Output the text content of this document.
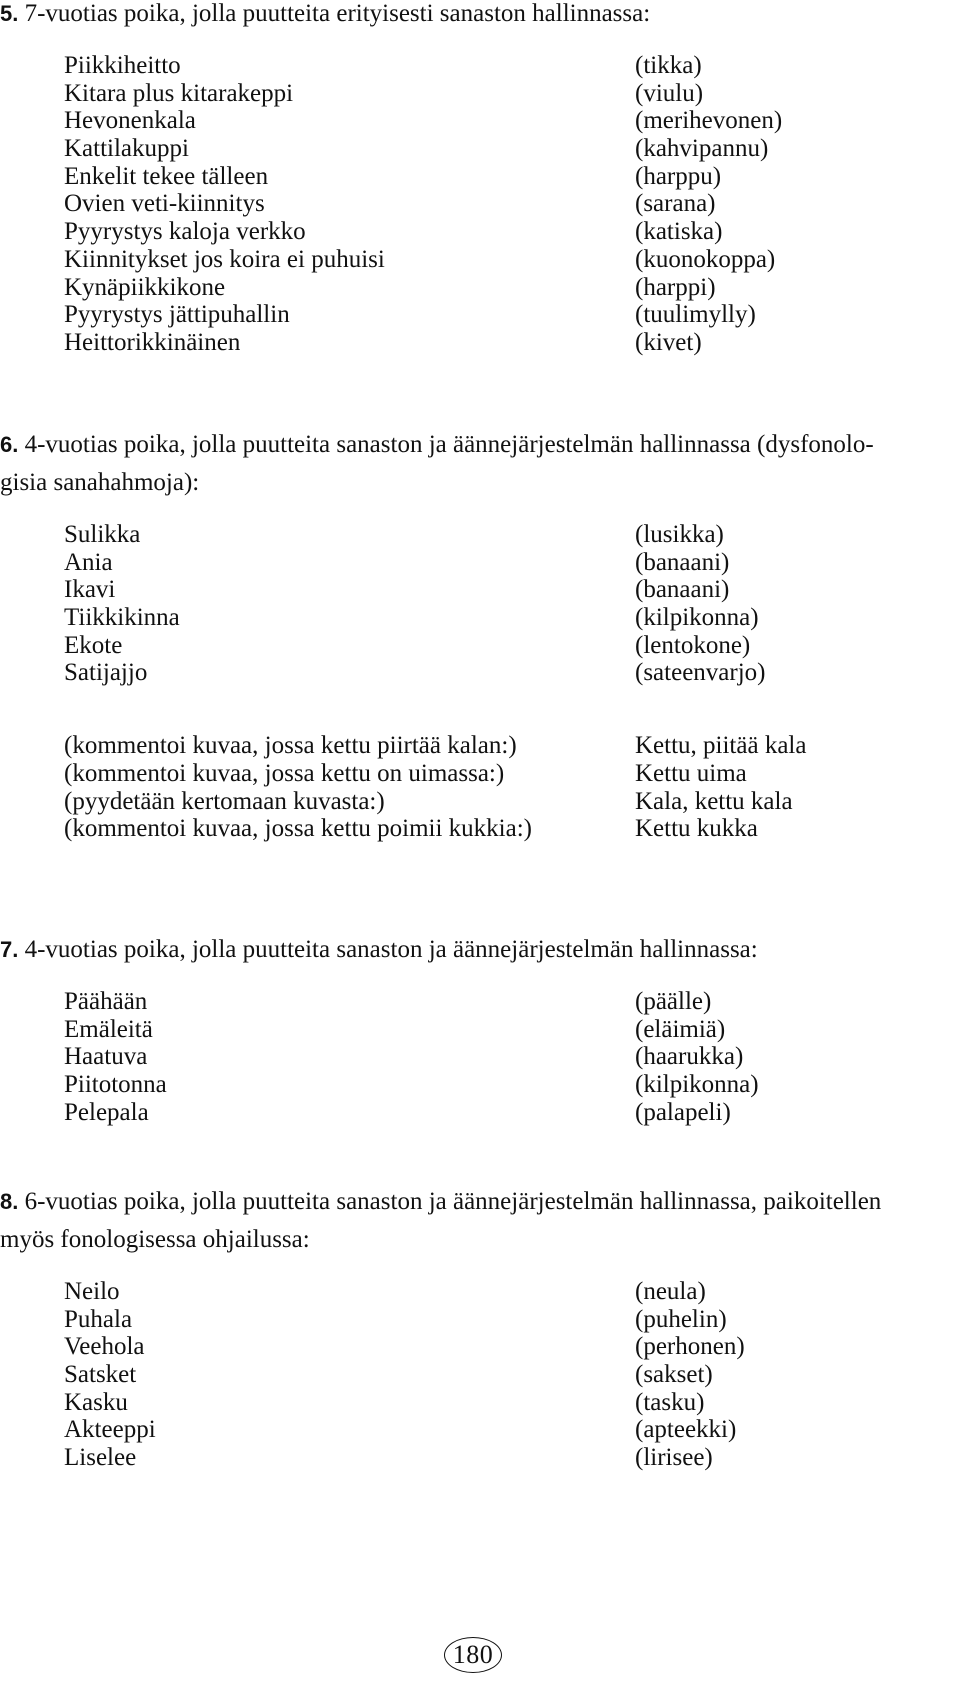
5. 7-vuotias poika, jolla puutteita erityisesti sanaston hallinnassa:

Piikkiheitto	(tikka)
Kitara plus kitarakeppi	(viulu)
Hevonenkala	(merihevonen)
Kattilakuppi	(kahvipannu)
Enkelit tekee tälleen	(harppu)
Ovien veti-kiinnitys	(sarana)
Pyyrystys kaloja verkko	(katiska)
Kiinnitykset jos koira ei puhuisi	(kuonokoppa)
Kynäpiikkikone	(harppi)
Pyyrystys jättipuhallin	(tuulimylly)
Heittorikkinäinen	(kivet)

6. 4-vuotias poika, jolla puutteita sanaston ja äännejärjestelmän hallinnassa (dysfonolo-
gisia sanahahmoja):

Sulikka	(lusikka)
Ania	(banaani)
Ikavi	(banaani)
Tiikkikinna	(kilpikonna)
Ekote	(lentokone)
Satijajjo	(sateenvarjo)
(kommentoi kuvaa, jossa kettu piirtää kalan:)	Kettu, piitää kala
(kommentoi kuvaa, jossa kettu on uimassa:)	Kettu uima
(pyydetään kertomaan kuvasta:)	Kala, kettu kala
(kommentoi kuvaa, jossa kettu poimii kukkia:)	Kettu kukka

7. 4-vuotias poika, jolla puutteita sanaston ja äännejärjestelmän hallinnassa:

Päähään	(päälle)
Emäleitä	(eläimiä)
Haatuva	(haarukka)
Piitotonna	(kilpikonna)
Pelepala	(palapeli)

8. 6-vuotias poika, jolla puutteita sanaston ja äännejärjestelmän hallinnassa, paikoitellen
myös fonologisessa ohjailussa:

Neilo	(neula)
Puhala	(puhelin)
Veehola	(perhonen)
Satsket	(sakset)
Kasku	(tasku)
Akteeppi	(apteekki)
Liselee	(lirisee)
180
